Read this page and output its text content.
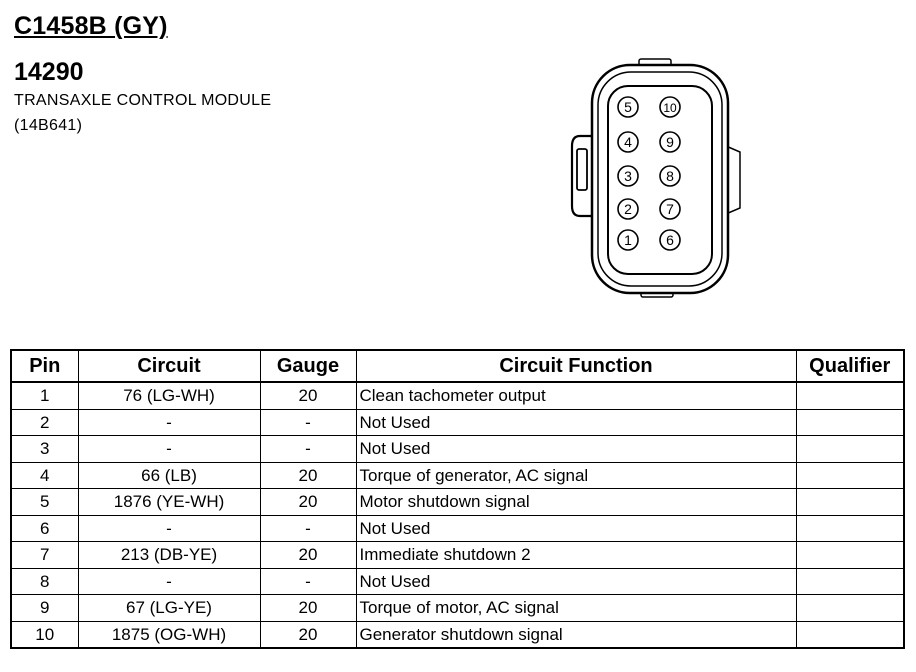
C1458B (GY)
14290
TRANSAXLE CONTROL MODULE
(14B641)
5
4
3
2
1
10
9
8
7
6
Pin	Circuit	Gauge	Circuit Function	Qualifier
1	76 (LG-WH)	20	Clean tachometer output	
2	-	-	Not Used	
3	-	-	Not Used	
4	66 (LB)	20	Torque of generator, AC signal	
5	1876 (YE-WH)	20	Motor shutdown signal	
6	-	-	Not Used	
7	213 (DB-YE)	20	Immediate shutdown 2	
8	-	-	Not Used	
9	67 (LG-YE)	20	Torque of motor, AC signal	
10	1875 (OG-WH)	20	Generator shutdown signal	
